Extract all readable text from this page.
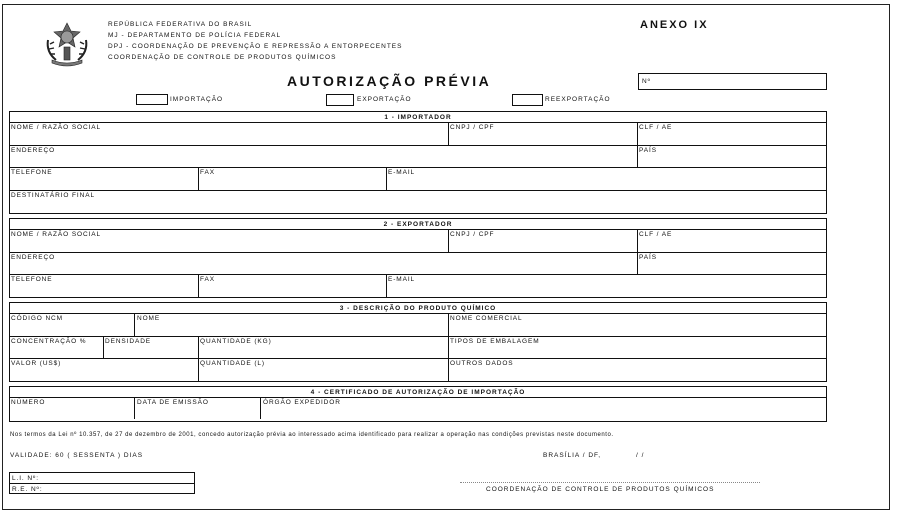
REPÚBLICA FEDERATIVA DO BRASIL
MJ - DEPARTAMENTO DE POLÍCIA FEDERAL
DPJ - COORDENAÇÃO DE PREVENÇÃO E REPRESSÃO A ENTORPECENTES
COORDENAÇÃO DE CONTROLE DE PRODUTOS QUÍMICOS
ANEXO IX
AUTORIZAÇÃO PRÉVIA	Nº
IMPORTAÇÃO	EXPORTAÇÃO	REEXPORTAÇÃO
1 - IMPORTADOR
NOME / RAZÃO SOCIAL	CNPJ / CPF	CLF / AE
ENDEREÇO	PAÍS
TELEFONE	FAX	E-MAIL
DESTINATÁRIO FINAL
2 - EXPORTADOR
NOME / RAZÃO SOCIAL	CNPJ / CPF	CLF / AE
ENDEREÇO	PAÍS
TELEFONE	FAX	E-MAIL
3 - DESCRIÇÃO DO PRODUTO QUÍMICO
CÓDIGO NCM	NOME	NOME COMERCIAL
CONCENTRAÇÃO %	DENSIDADE	QUANTIDADE (KG)	TIPOS DE EMBALAGEM
VALOR (US$)	QUANTIDADE (L)	OUTROS DADOS
4 - CERTIFICADO DE AUTORIZAÇÃO DE IMPORTAÇÃO
NÚMERO	DATA DE EMISSÃO	ÓRGÃO EXPEDIDOR
Nos termos da Lei nº 10.357, de 27 de dezembro de 2001, concedo autorização prévia ao interessado acima identificado para realizar a operação nas condições previstas neste documento.
VALIDADE: 60 ( SESSENTA ) DIAS	BRASÍLIA / DF,	/ /
L.I. Nº:
R.E. Nº:	COORDENAÇÃO DE CONTROLE DE PRODUTOS QUÍMICOS
